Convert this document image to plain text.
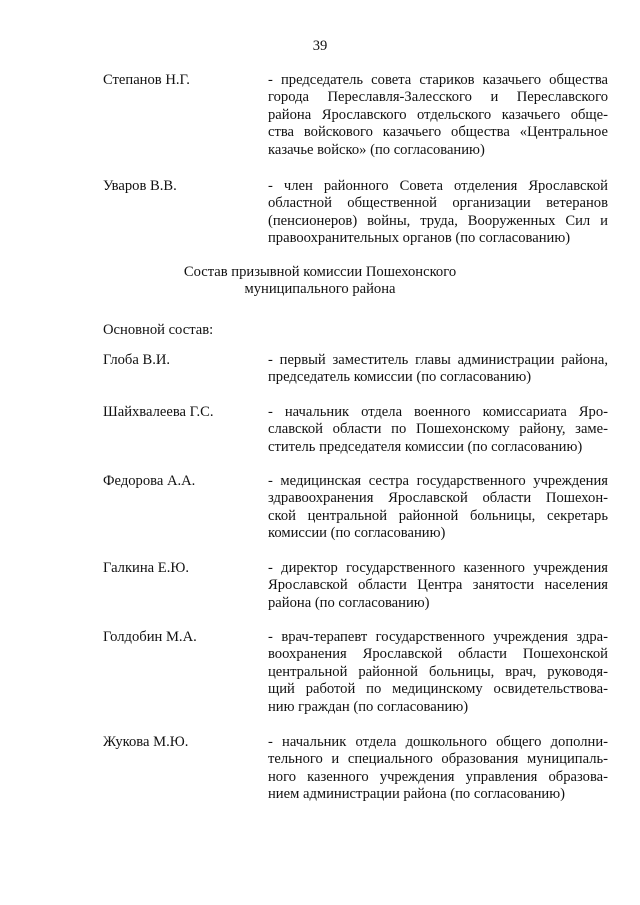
39
Степанов Н.Г.	- председатель совета стариков казачьего общества
города Переславля-Залесского и Переславского
района Ярославского отдельского казачьего обще-
ства войскового казачьего общества «Центральное
казачье войско» (по согласованию)
Уваров В.В.	- член районного Совета отделения Ярославской
областной общественной организации ветеранов
(пенсионеров) войны, труда, Вооруженных Сил и
правоохранительных органов (по согласованию)
Состав призывной комиссии Пошехонского
муниципального района
Основной состав:
Глоба В.И.	- первый заместитель главы администрации района,
председатель комиссии (по согласованию)
Шайхвалеева Г.С.	- начальник отдела военного комиссариата Яро-
славской области по Пошехонскому району, заме-
ститель председателя комиссии (по согласованию)
Федорова А.А.	- медицинская сестра государственного учреждения
здравоохранения Ярославской области Пошехон-
ской центральной районной больницы, секретарь
комиссии (по согласованию)
Галкина Е.Ю.	- директор государственного казенного учреждения
Ярославской области Центра занятости населения
района (по согласованию)
Голдобин М.А.	- врач-терапевт государственного учреждения здра-
воохранения Ярославской области Пошехонской
центральной районной больницы, врач, руководя-
щий работой по медицинскому освидетельствова-
нию граждан (по согласованию)
Жукова М.Ю.	- начальник отдела дошкольного общего дополни-
тельного и специального образования муниципаль-
ного казенного учреждения управления образова-
нием администрации района (по согласованию)
